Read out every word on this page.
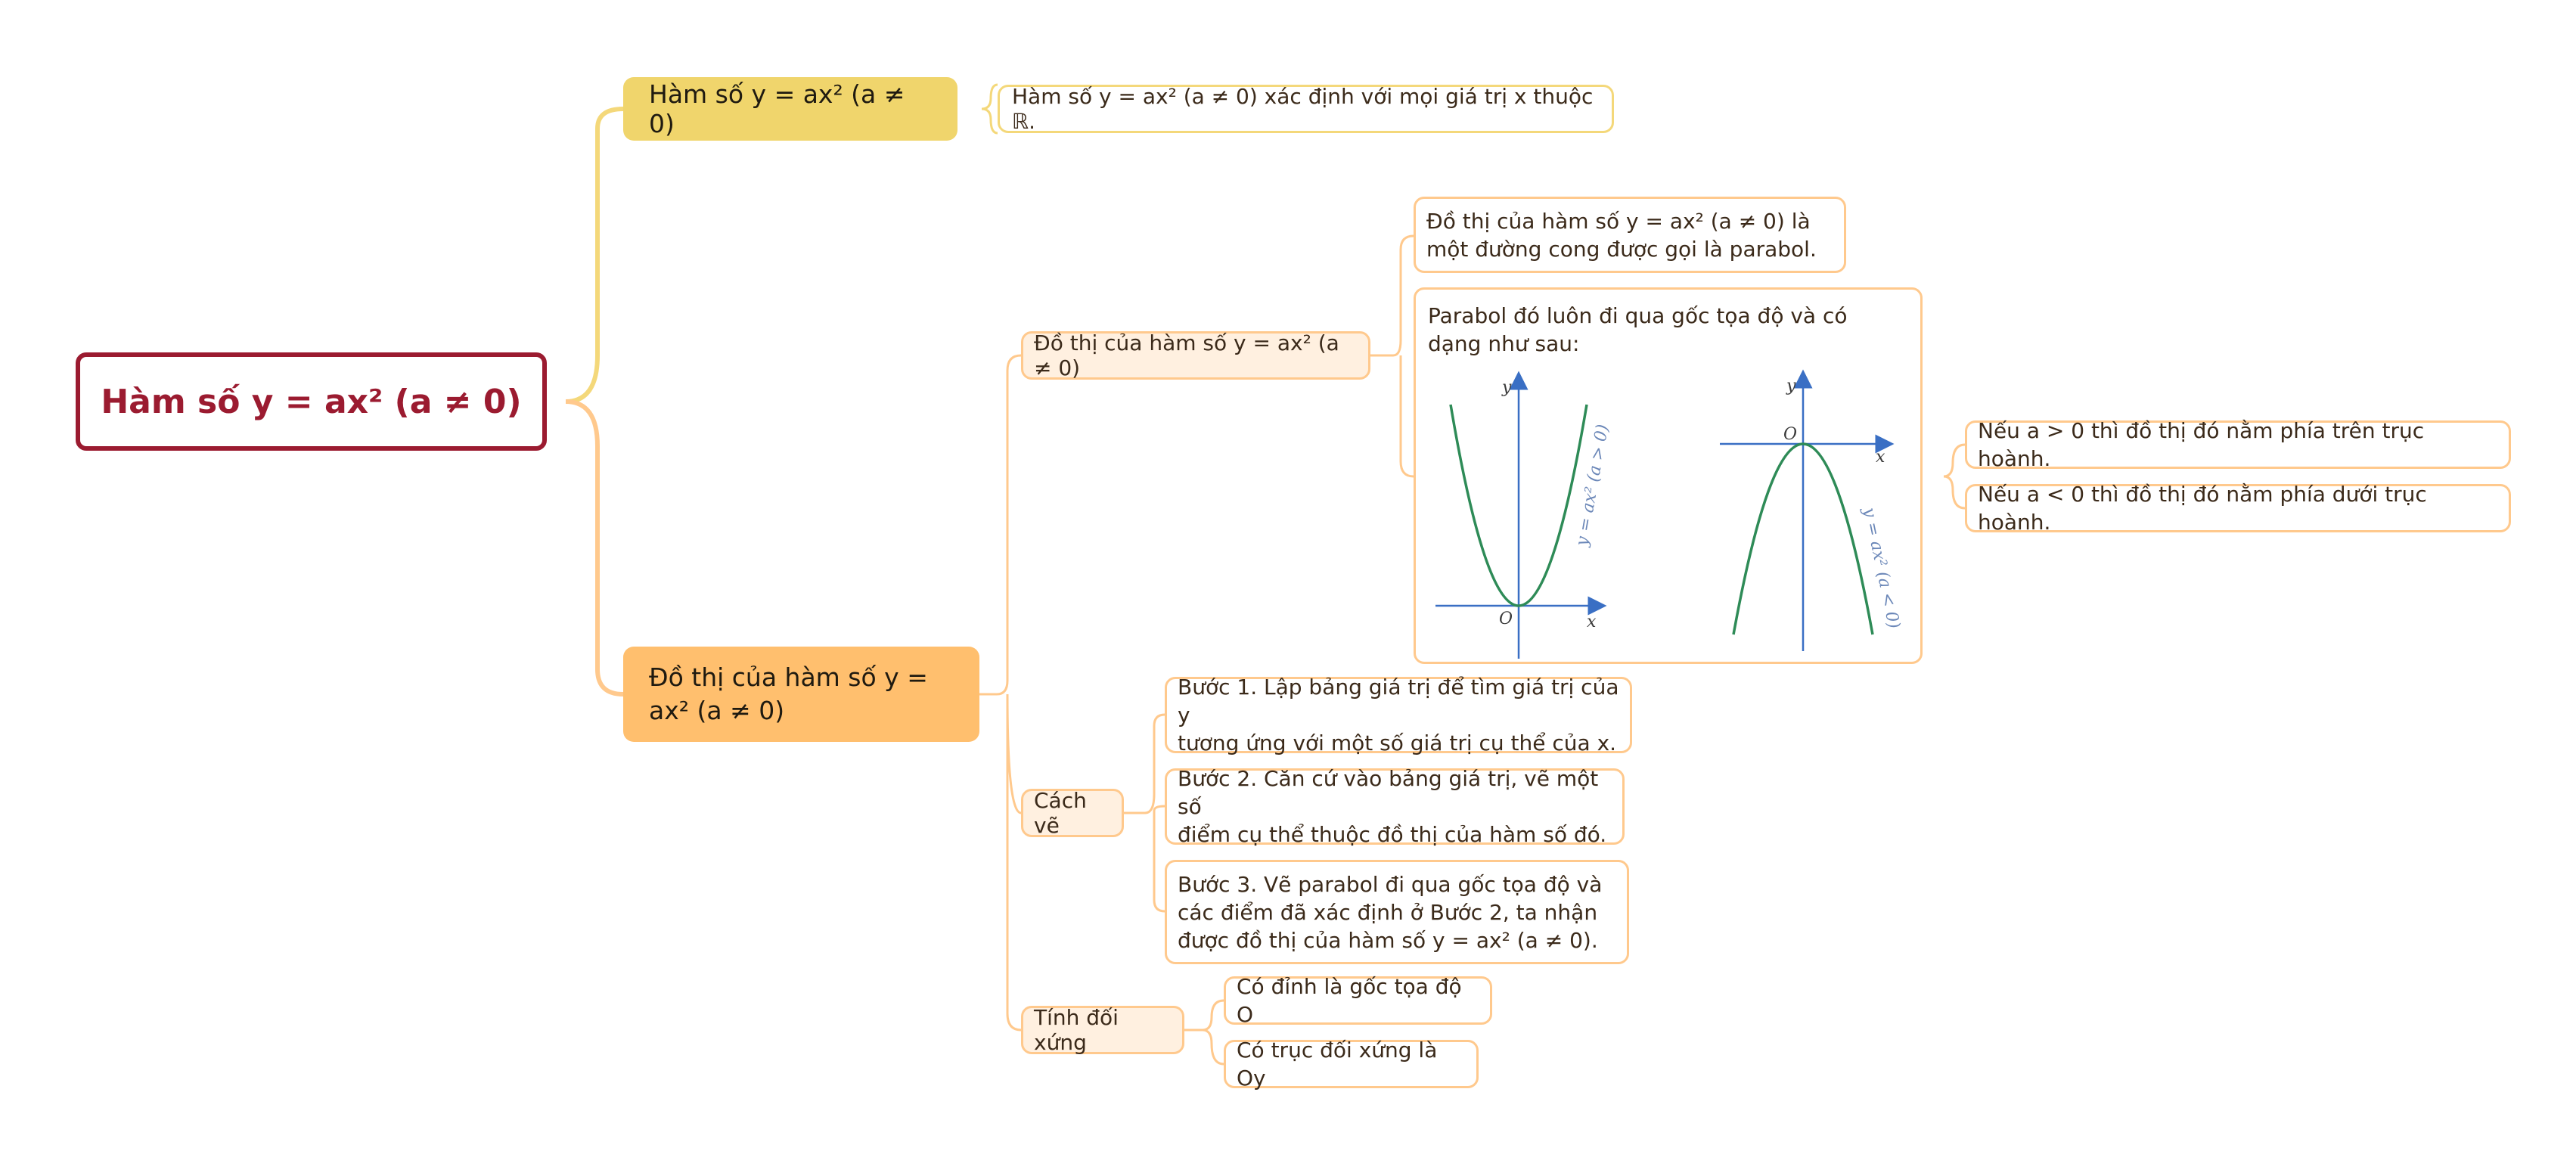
Hàm số y = ax² (a ≠ 0)
Hàm số y = ax² (a ≠ 0)
Hàm số y = ax² (a ≠ 0) xác định với mọi giá trị x thuộc ℝ.
Đồ thị của hàm số y = ax² (a ≠ 0)
Đồ thị của hàm số y = ax² (a ≠ 0)
Đồ thị của hàm số y = ax² (a ≠ 0) là một đường cong được gọi là parabol.
Parabol đó luôn đi qua gốc tọa độ và có dạng như sau:
y
x
O
y = ax² (a > 0)
y
x
O
y = ax² (a < 0)
Nếu a > 0 thì đồ thị đó nằm phía trên trục hoành.
Nếu a < 0 thì đồ thị đó nằm phía dưới trục hoành.
Cách vẽ
Bước 1. Lập bảng giá trị để tìm giá trị của y
tương ứng với một số giá trị cụ thể của x.
Bước 2. Căn cứ vào bảng giá trị, vẽ một số
điểm cụ thể thuộc đồ thị của hàm số đó.
Bước 3. Vẽ parabol đi qua gốc tọa độ và
các điểm đã xác định ở Bước 2, ta nhận
được đồ thị của hàm số y = ax² (a ≠ 0).
Tính đối xứng
Có đỉnh là gốc tọa độ O
Có trục đối xứng là Oy
